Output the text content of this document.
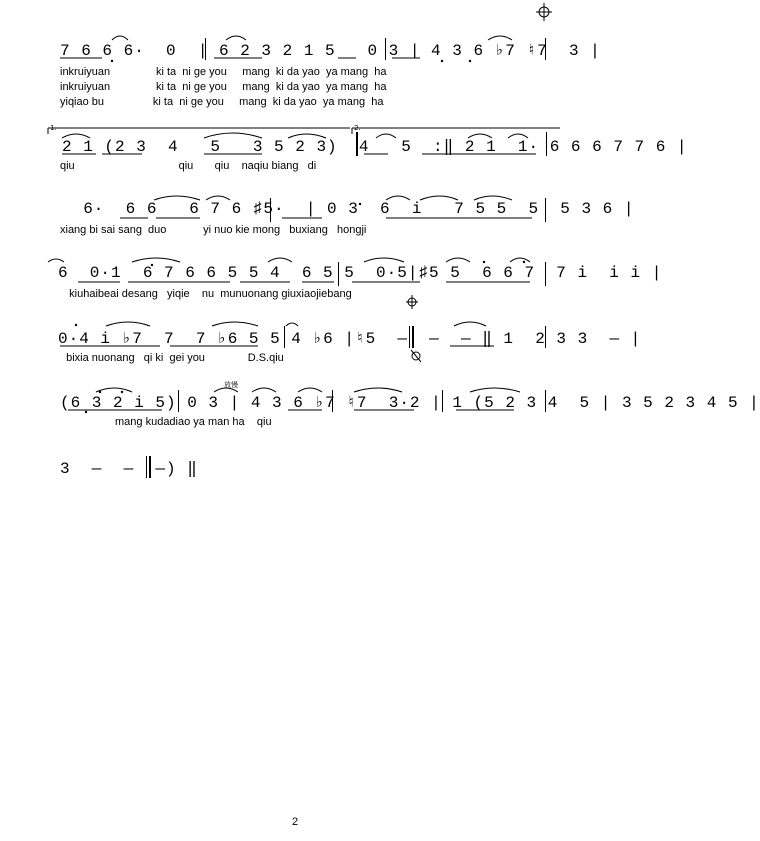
7 6 6 6·  0  | 6 2 3 2 1 5   0 3 | 4 3 6 ♭7 ♮7  3 |
inkruiyuan               ki ta  ni ge you     mang  ki da yao  ya mang  ha
inkruiyuan               ki ta  ni ge you     mang  ki da yao  ya mang  ha
yiqiao bu                ki ta  ni ge you     mang  ki da yao  ya mang  ha
1.	2.
2 1 (2 3  4   5   3 5 2 3)  4   5  :‖ 2 1  1· 6 6 6 7 7 6 |
qiu                                  qiu       qiu    naqiu biang   di
6·  6 6   6 7 6 ♯5·  | 0 3  6  i   7 5 5  5  5 3 6 |
xiang bi sai sang  duo            yi nuo kie mong   buxiang   hongji
6  0·1  6 7 6 6 5 5 4  6 5 5  0·5|♯5 5  6 6 7  7 i  i i |
kiuhaibeai desang   yiqie    nu  munuonang giuxiaojiebang
0·4 i ♭7  7  7 ♭6 5 5 4 ♭6 |♮5  —  —  — ‖ 1  2 3 3  — |
bixia nuonang   qi ki  gei you              D.S.qiu
放慢
(6 3 2 i 5) 0 3 | 4 3 6 ♭7 ♮7  3·2 | 1 (5 2 3 4  5 | 3 5 2 3 4 5 |
mang kudadiao ya man ha    qiu
3  —  —  —) ‖
2
